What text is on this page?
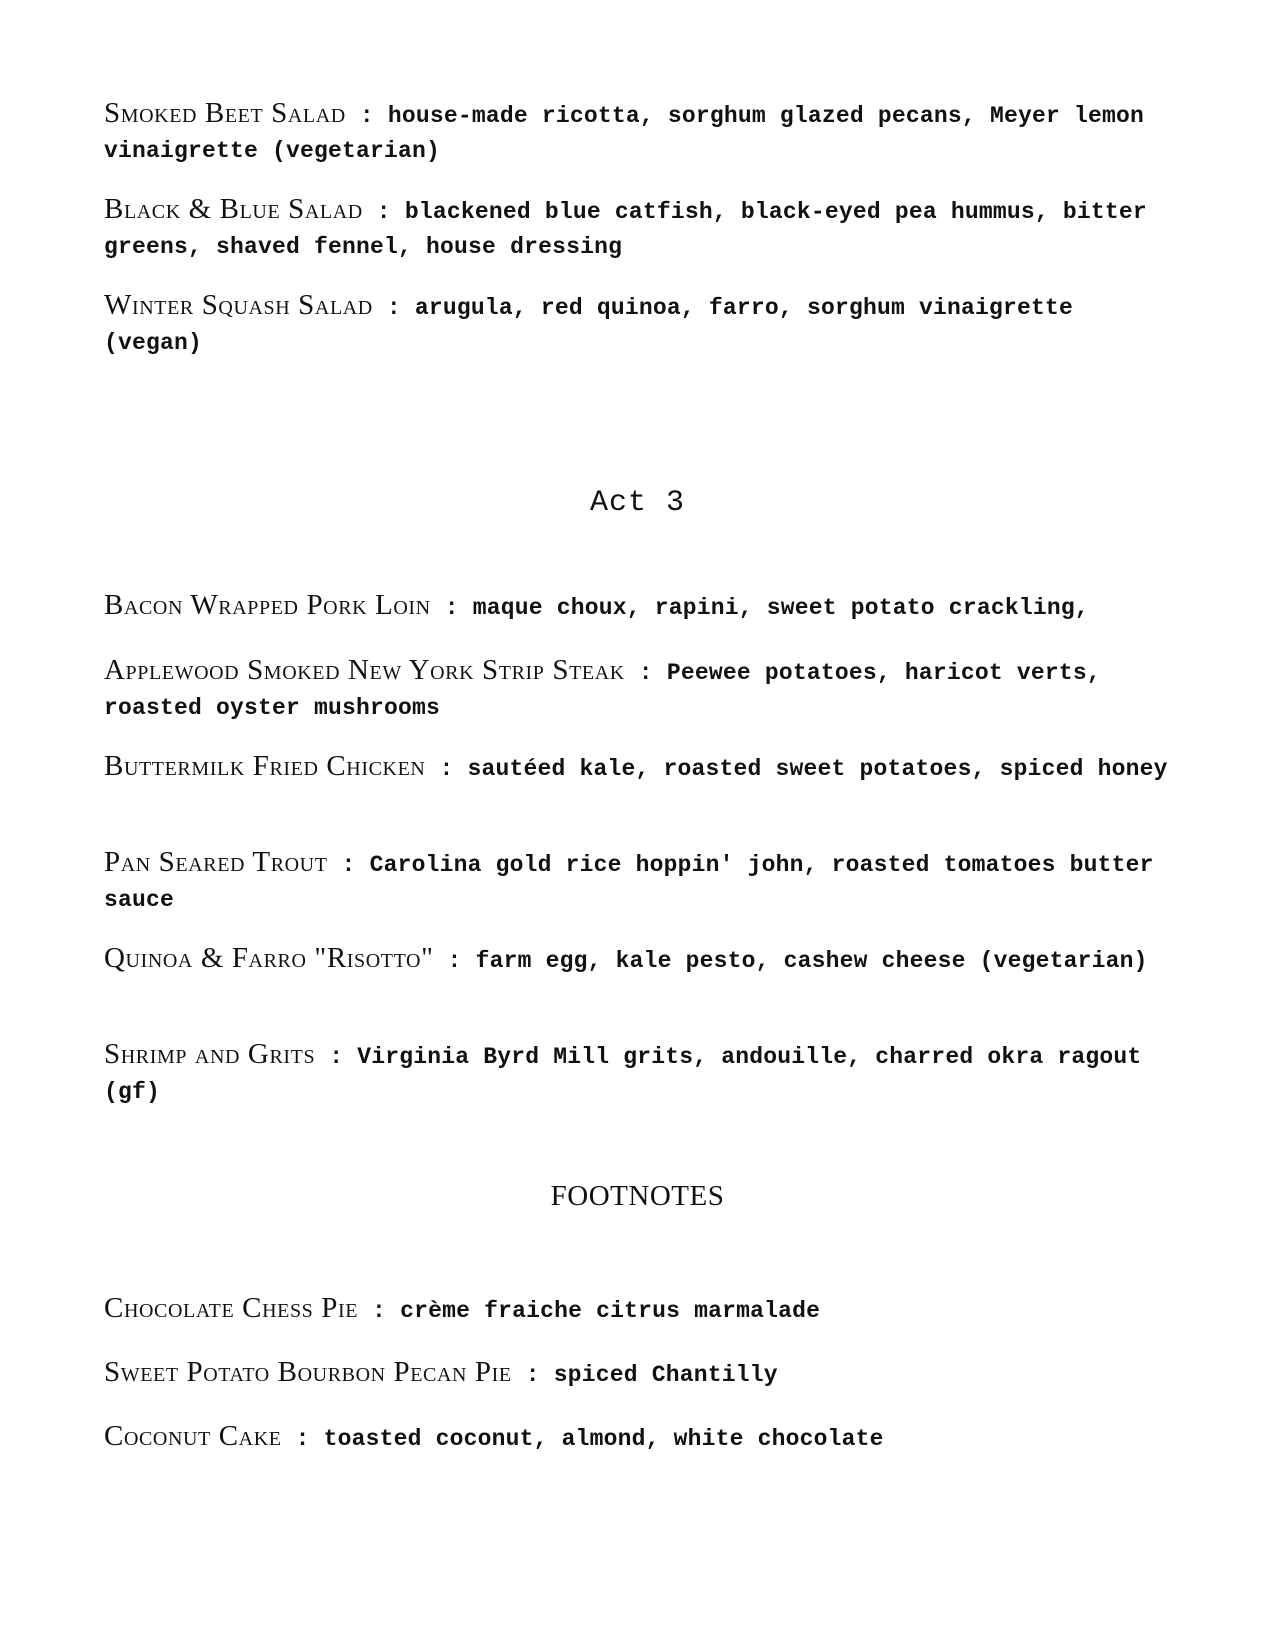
Smoked Beet Salad : house-made ricotta, sorghum glazed pecans, Meyer lemon vinaigrette (vegetarian)
Black & Blue Salad : blackened blue catfish, black-eyed pea hummus, bitter greens, shaved fennel, house dressing
Winter Squash Salad : arugula, red quinoa, farro, sorghum vinaigrette (vegan)
Act 3
Bacon Wrapped Pork Loin : maque choux, rapini, sweet potato crackling,
Applewood Smoked New York Strip Steak : Peewee potatoes, haricot verts, roasted oyster mushrooms
Buttermilk Fried Chicken : sautéed kale, roasted sweet potatoes, spiced honey
Pan Seared Trout : Carolina gold rice hoppin' john, roasted tomatoes butter sauce
Quinoa & Farro "Risotto" : farm egg, kale pesto, cashew cheese (vegetarian)
Shrimp and Grits : Virginia Byrd Mill grits, andouille, charred okra ragout (gf)
FOOTNOTES
Chocolate Chess Pie : crème fraiche citrus marmalade
Sweet Potato Bourbon Pecan Pie : spiced Chantilly
Coconut Cake : toasted coconut, almond, white chocolate
